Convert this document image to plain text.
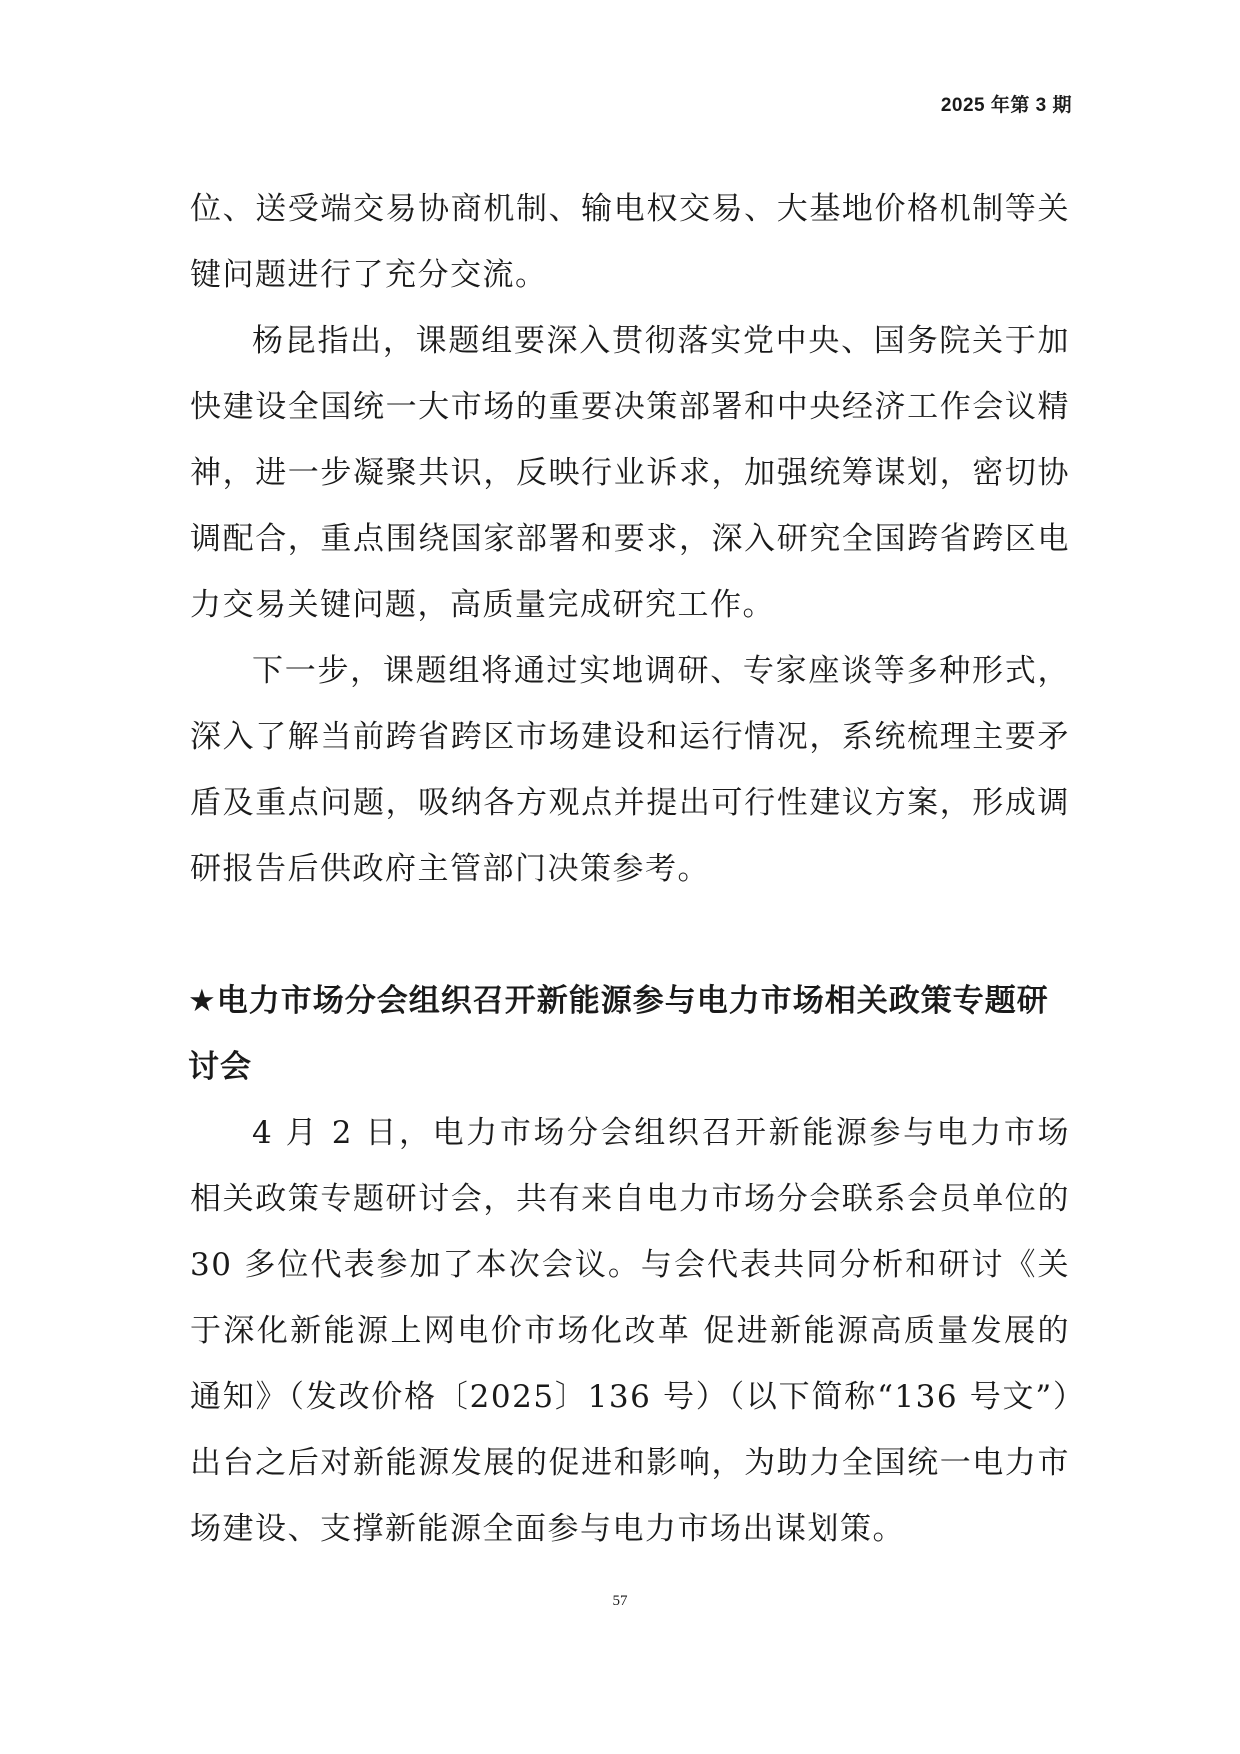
2025 年第 3 期

位、送受端交易协商机制、输电权交易、大基地价格机制等关键问题进行了充分交流。

杨昆指出，课题组要深入贯彻落实党中央、国务院关于加快建设全国统一大市场的重要决策部署和中央经济工作会议精神，进一步凝聚共识，反映行业诉求，加强统筹谋划，密切协调配合，重点围绕国家部署和要求，深入研究全国跨省跨区电力交易关键问题，高质量完成研究工作。

下一步，课题组将通过实地调研、专家座谈等多种形式，深入了解当前跨省跨区市场建设和运行情况，系统梳理主要矛盾及重点问题，吸纳各方观点并提出可行性建议方案，形成调研报告后供政府主管部门决策参考。

★电力市场分会组织召开新能源参与电力市场相关政策专题研讨会

4 月 2 日，电力市场分会组织召开新能源参与电力市场相关政策专题研讨会，共有来自电力市场分会联系会员单位的 30 多位代表参加了本次会议。与会代表共同分析和研讨《关于深化新能源上网电价市场化改革 促进新能源高质量发展的通知》（发改价格〔2025〕136 号）（以下简称“136 号文”）出台之后对新能源发展的促进和影响，为助力全国统一电力市场建设、支撑新能源全面参与电力市场出谋划策。

57
